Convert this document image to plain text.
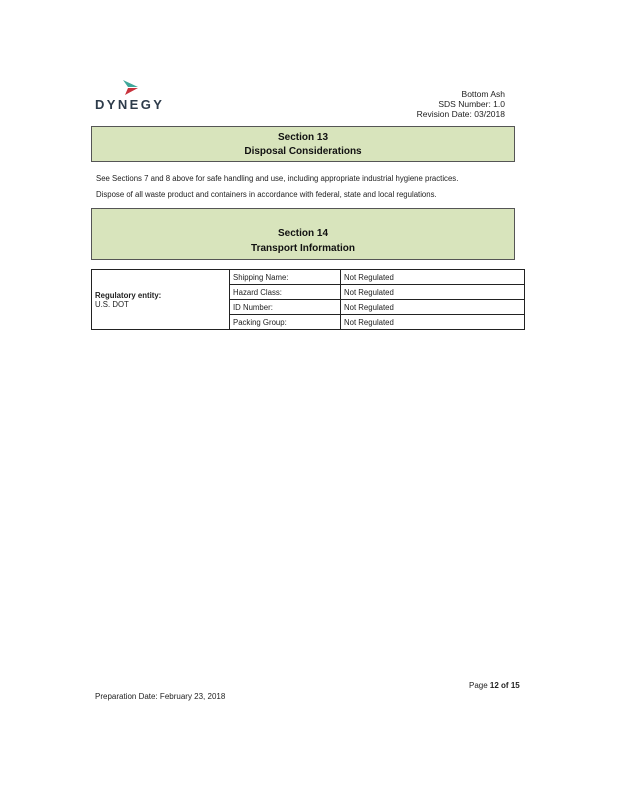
DYNEGY
Bottom Ash
SDS Number: 1.0
Revision Date: 03/2018
Section 13
Disposal Considerations
See Sections 7 and 8 above for safe handling and use, including appropriate industrial hygiene practices.
Dispose of all waste product and containers in accordance with federal, state and local regulations.
Section 14
Transport Information
Regulatory entity:
U.S. DOT	Shipping Name:	Not Regulated
	Hazard Class:	Not Regulated
	ID Number:	Not Regulated
	Packing Group:	Not Regulated
Page 12 of 15
Preparation Date: February 23, 2018
